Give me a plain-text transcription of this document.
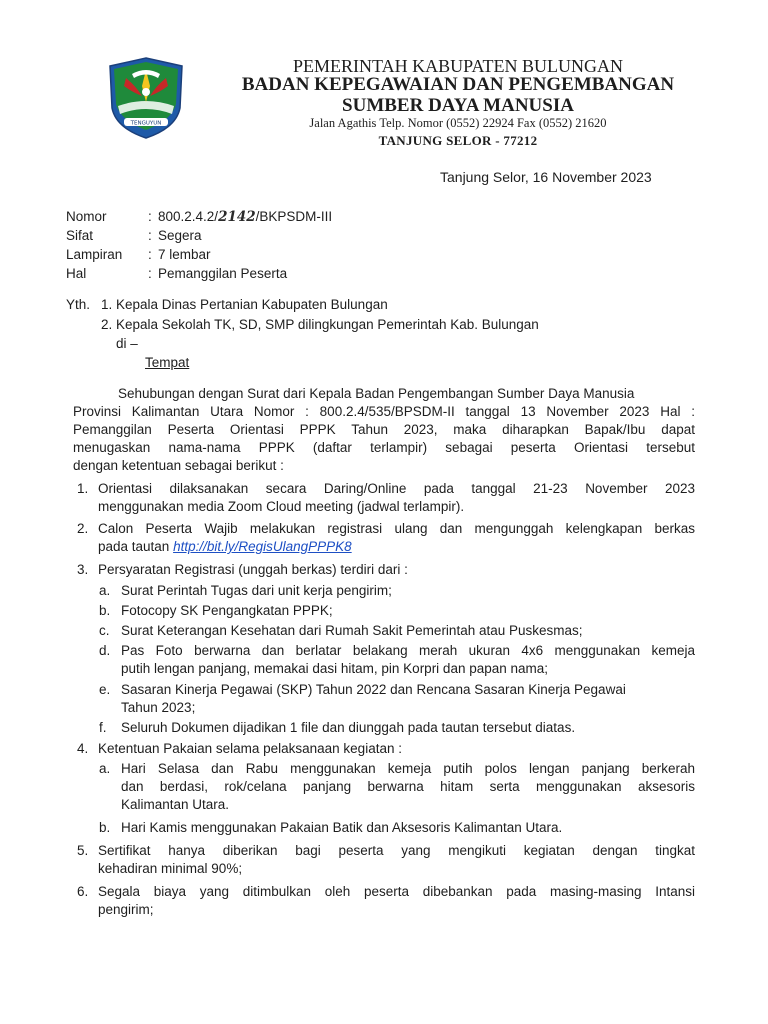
TENGUYUN
PEMERINTAH KABUPATEN BULUNGAN
BADAN KEPEGAWAIAN DAN PENGEMBANGAN
SUMBER DAYA MANUSIA
Jalan Agathis Telp. Nomor (0552) 22924 Fax (0552) 21620
TANJUNG SELOR - 77212
Tanjung Selor, 16 November 2023
Nomor	: 800.2.4.2/2142/BKPSDM-III
Sifat	: Segera
Lampiran : 7 lembar
Hal	: Pemanggilan Peserta
Yth. 1. Kepala Dinas Pertanian Kabupaten Bulungan
2. Kepala Sekolah TK, SD, SMP dilingkungan Pemerintah Kab. Bulungan
di –
Tempat
Sehubungan dengan Surat dari Kepala Badan Pengembangan Sumber Daya Manusia
Provinsi Kalimantan Utara Nomor : 800.2.4/535/BPSDM-II tanggal 13 November 2023 Hal :
Pemanggilan Peserta Orientasi PPPK Tahun 2023, maka diharapkan Bapak/Ibu dapat
menugaskan nama-nama PPPK (daftar terlampir) sebagai peserta Orientasi tersebut
dengan ketentuan sebagai berikut :
1. Orientasi dilaksanakan secara Daring/Online pada tanggal 21-23 November 2023
menggunakan media Zoom Cloud meeting (jadwal terlampir).
2. Calon Peserta Wajib melakukan registrasi ulang dan mengunggah kelengkapan berkas
pada tautan http://bit.ly/RegisUlangPPPK8
3. Persyaratan Registrasi (unggah berkas) terdiri dari :
a. Surat Perintah Tugas dari unit kerja pengirim;
b. Fotocopy SK Pengangkatan PPPK;
c. Surat Keterangan Kesehatan dari Rumah Sakit Pemerintah atau Puskesmas;
d. Pas Foto berwarna dan berlatar belakang merah ukuran 4x6 menggunakan kemeja
putih lengan panjang, memakai dasi hitam, pin Korpri dan papan nama;
e. Sasaran Kinerja Pegawai (SKP) Tahun 2022 dan Rencana Sasaran Kinerja Pegawai
Tahun 2023;
f. Seluruh Dokumen dijadikan 1 file dan diunggah pada tautan tersebut diatas.
4. Ketentuan Pakaian selama pelaksanaan kegiatan :
a. Hari Selasa dan Rabu menggunakan kemeja putih polos lengan panjang berkerah
dan berdasi, rok/celana panjang berwarna hitam serta menggunakan aksesoris
Kalimantan Utara.
b. Hari Kamis menggunakan Pakaian Batik dan Aksesoris Kalimantan Utara.
5. Sertifikat hanya diberikan bagi peserta yang mengikuti kegiatan dengan tingkat
kehadiran minimal 90%;
6. Segala biaya yang ditimbulkan oleh peserta dibebankan pada masing-masing Intansi
pengirim;
